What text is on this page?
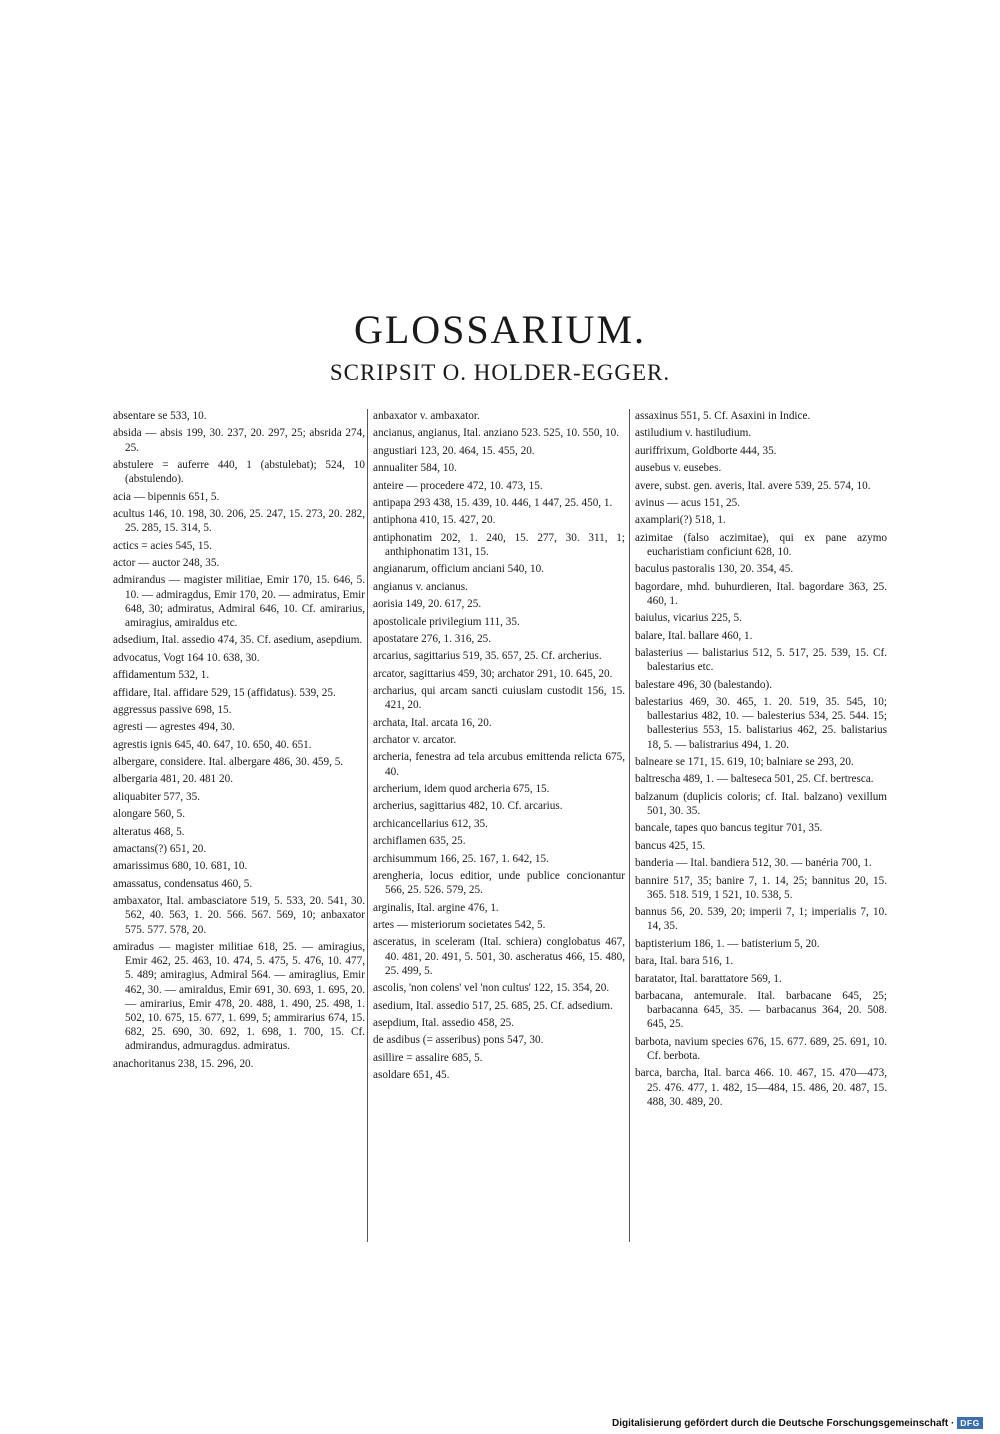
GLOSSARIUM.
SCRIPSIT O. HOLDER-EGGER.
absentare se 533, 10.
absida — absis 199, 30. 237, 20. 297, 25; absrida 274, 25.
abstulere = auferre 440, 1 (abstulebat); 524, 10 (abstulendo).
acia — bipennis 651, 5.
acultus 146, 10. 198, 30. 206, 25. 247, 15. 273, 20. 282, 25. 285, 15. 314, 5.
actics = acies 545, 15.
actor — auctor 248, 35.
admirandus — magister militiae, Emir 170, 15. 646, 5. 10. — admiragdus, Emir 170, 20. — admiratus, Emir 648, 30; admiratus, Admiral 646, 10. Cf. amirarius, amiragius, amiraldus etc.
adsedium, Ital. assedio 474, 35. Cf. asedium, asepdium.
advocatus, Vogt 164 10. 638, 30.
affidamentum 532, 1.
affidare, Ital. affidare 529, 15 (affidatus). 539, 25.
aggressus passive 698, 15.
agresti — agrestes 494, 30.
agrestis ignis 645, 40. 647, 10. 650, 40. 651.
albergare, considere. Ital. albergare 486, 30. 459, 5.
albergaria 481, 20. 481 20.
aliquabiter 577, 35.
alongare 560, 5.
alteratus 468, 5.
amactans(?) 651, 20.
amarissimus 680, 10. 681, 10.
amassatus, condensatus 460, 5.
ambaxator, Ital. ambasciatore 519, 5. 533, 20. 541, 30. 562, 40. 563, 1. 20. 566. 567. 569, 10; anbaxator 575. 577. 578, 20.
amiradus — magister militiae 618, 25. — amiragius, Emir 462, 25. 463, 10. 474, 5. 475, 5. 476, 10. 477, 5. 489; amiragius, Admiral 564. — amiraglius, Emir 462, 30. — amiraldus, Emir 691, 30. 693, 1. 695, 20. — amirarius, Emir 478, 20. 488, 1. 490, 25. 498, 1. 502, 10. 675, 15. 677, 1. 699, 5; ammirarius 674, 15. 682, 25. 690, 30. 692, 1. 698, 1. 700, 15. Cf. admirandus, admuragdus. admiratus.
anachoritanus 238, 15. 296, 20.
anbaxator v. ambaxator.
ancianus, angianus, Ital. anziano 523. 525, 10. 550, 10.
angustiari 123, 20. 464, 15. 455, 20.
annualiter 584, 10.
anteire — procedere 472, 10. 473, 15.
antipapa 293 438, 15. 439, 10. 446, 1 447, 25. 450, 1.
antiphona 410, 15. 427, 20.
antiphonatim 202, 1. 240, 15. 277, 30. 311, 1; anthiphonatim 131, 15.
angianarum, officium anciani 540, 10.
angianus v. ancianus.
aorisia 149, 20. 617, 25.
apostolicale privilegium 111, 35.
apostatare 276, 1. 316, 25.
arcarius, sagittarius 519, 35. 657, 25. Cf. archerius.
arcator, sagittarius 459, 30; archator 291, 10. 645, 20.
archarius, qui arcam sancti cuiuslam custodit 156, 15. 421, 20.
archata, Ital. arcata 16, 20.
archator v. arcator.
archeria, fenestra ad tela arcubus emittenda relicta 675, 40.
archerium, idem quod archeria 675, 15.
archerius, sagittarius 482, 10. Cf. arcarius.
archicancellarius 612, 35.
archiflamen 635, 25.
archisummum 166, 25. 167, 1. 642, 15.
arengheria, locus editior, unde publice concionantur 566, 25. 526. 579, 25.
arginalis, Ital. argine 476, 1.
artes — misteriorum societates 542, 5.
asceratus, in sceleram (Ital. schiera) conglobatus 467, 40. 481, 20. 491, 5. 501, 30. ascheratus 466, 15. 480, 25. 499, 5.
ascolis, 'non colens' vel 'non cultus' 122, 15. 354, 20.
asedium, Ital. assedio 517, 25. 685, 25. Cf. adsedium.
asepdium, Ital. assedio 458, 25.
de asdibus (= asseribus) pons 547, 30.
asillire = assalire 685, 5.
asoldare 651, 45.
assaxinus 551, 5. Cf. Asaxini in Indice.
astiludium v. hastiludium.
auriffrixum, Goldborte 444, 35.
ausebus v. eusebes.
avere, subst. gen. averis, Ital. avere 539, 25. 574, 10.
avinus — acus 151, 25.
axamplari(?) 518, 1.
azimitae (falso aczimitae), qui ex pane azymo eucharistiam conficiunt 628, 10.
baculus pastoralis 130, 20. 354, 45.
bagordare, mhd. buhurdieren, Ital. bagordare 363, 25. 460, 1.
baiulus, vicarius 225, 5.
balare, Ital. ballare 460, 1.
balasterius — balistarius 512, 5. 517, 25. 539, 15. Cf. balestarius etc.
balestare 496, 30 (balestando).
balestarius 469, 30. 465, 1. 20. 519, 35. 545, 10; ballestarius 482, 10. — balesterius 534, 25. 544. 15; ballesterius 553, 15. balistarius 462, 25. balistarius 18, 5. — balistrarius 494, 1. 20.
balneare se 171, 15. 619, 10; balniare se 293, 20.
baltrescha 489, 1. — balteseca 501, 25. Cf. bertresca.
balzanum (duplicis coloris; cf. Ital. balzano) vexillum 501, 30. 35.
bancale, tapes quo bancus tegitur 701, 35.
bancus 425, 15.
banderia — Ital. bandiera 512, 30. — banéria 700, 1.
bannire 517, 35; banire 7, 1. 14, 25; bannitus 20, 15. 365. 518. 519, 1 521, 10. 538, 5.
bannus 56, 20. 539, 20; imperii 7, 1; imperialis 7, 10. 14, 35.
baptisterium 186, 1. — batisterium 5, 20.
bara, Ital. bara 516, 1.
baratator, Ital. barattatore 569, 1.
barbacana, antemurale. Ital. barbacane 645, 25; barbacanna 645, 35. — barbacanus 364, 20. 508. 645, 25.
barbota, navium species 676, 15. 677. 689, 25. 691, 10. Cf. berbota.
barca, barcha, Ital. barca 466. 10. 467, 15. 470—473, 25. 476. 477, 1. 482, 15—484, 15. 486, 20. 487, 15. 488, 30. 489, 20.
Digitalisierung gefördert durch die Deutsche Forschungsgemeinschaft · DFG
